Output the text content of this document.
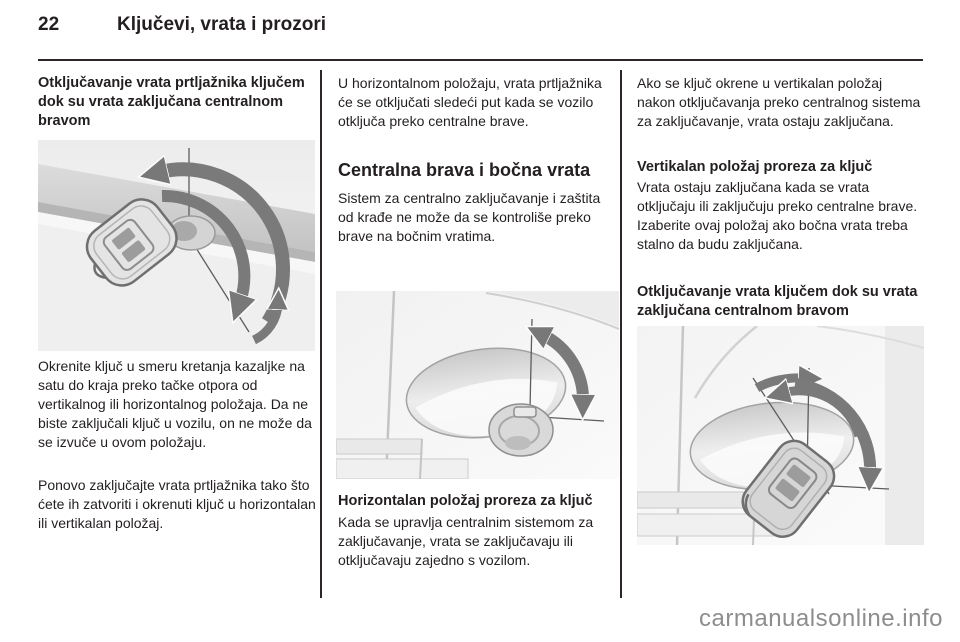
22	Ključevi, vrata i prozori
Otključavanje vrata prtljažnika ključem dok su vrata zaključana centralnom bravom
Okrenite ključ u smeru kretanja kazaljke na satu do kraja preko tačke otpora od vertikalnog ili horizontalnog položaja. Da ne biste zaključali ključ u vozilu, on ne može da se izvuče u ovom položaju.
Ponovo zaključajte vrata prtljažnika tako što ćete ih zatvoriti i okrenuti ključ u horizontalan ili vertikalan položaj.
U horizontalnom položaju, vrata prtljažnika će se otključati sledeći put kada se vozilo otključa preko centralne brave.
Centralna brava i bočna vrata
Sistem za centralno zaključavanje i zaštita od krađe ne može da se kontroliše preko brave na bočnim vratima.
Horizontalan položaj proreza za ključ
Kada se upravlja centralnim sistemom za zaključavanje, vrata se zaključavaju ili otključavaju zajedno s vozilom.
Ako se ključ okrene u vertikalan položaj nakon otključavanja preko centralnog sistema za zaključavanje, vrata ostaju zaključana.
Vertikalan položaj proreza za ključ
Vrata ostaju zaključana kada se vrata otključaju ili zaključuju preko centralne brave. Izaberite ovaj položaj ako bočna vrata treba stalno da budu zaključana.
Otključavanje vrata ključem dok su vrata zaključana centralnom bravom
carmanualsonline.info
